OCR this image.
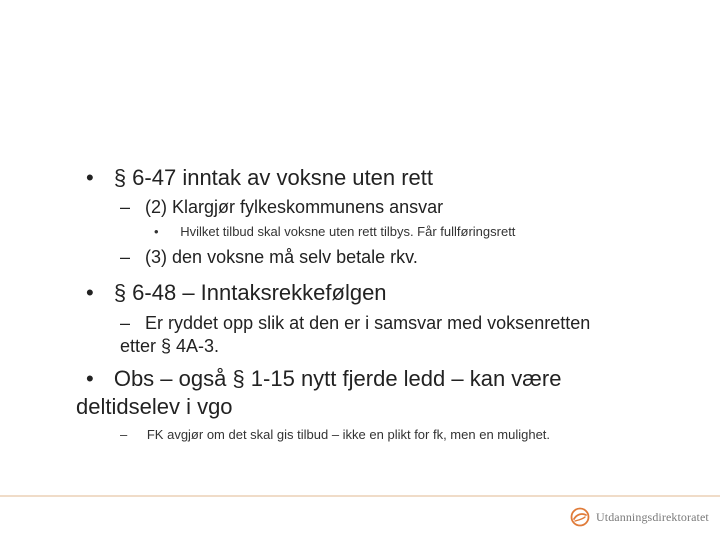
• § 6-47 inntak av voksne uten rett
– (2) Klargjør fylkeskommunens ansvar
• Hvilket tilbud skal voksne uten rett tilbys. Får fullføringsrett
– (3) den voksne må selv betale rkv.
• § 6-48 – Inntaksrekkefølgen
– Er ryddet opp slik at den er i samsvar med voksenretten
etter § 4A-3.
• Obs – også § 1-15 nytt fjerde ledd – kan være
deltidselev i vgo
– FK avgjør om det skal gis tilbud – ikke en plikt for fk, men en mulighet.
Utdanningsdirektoratet
